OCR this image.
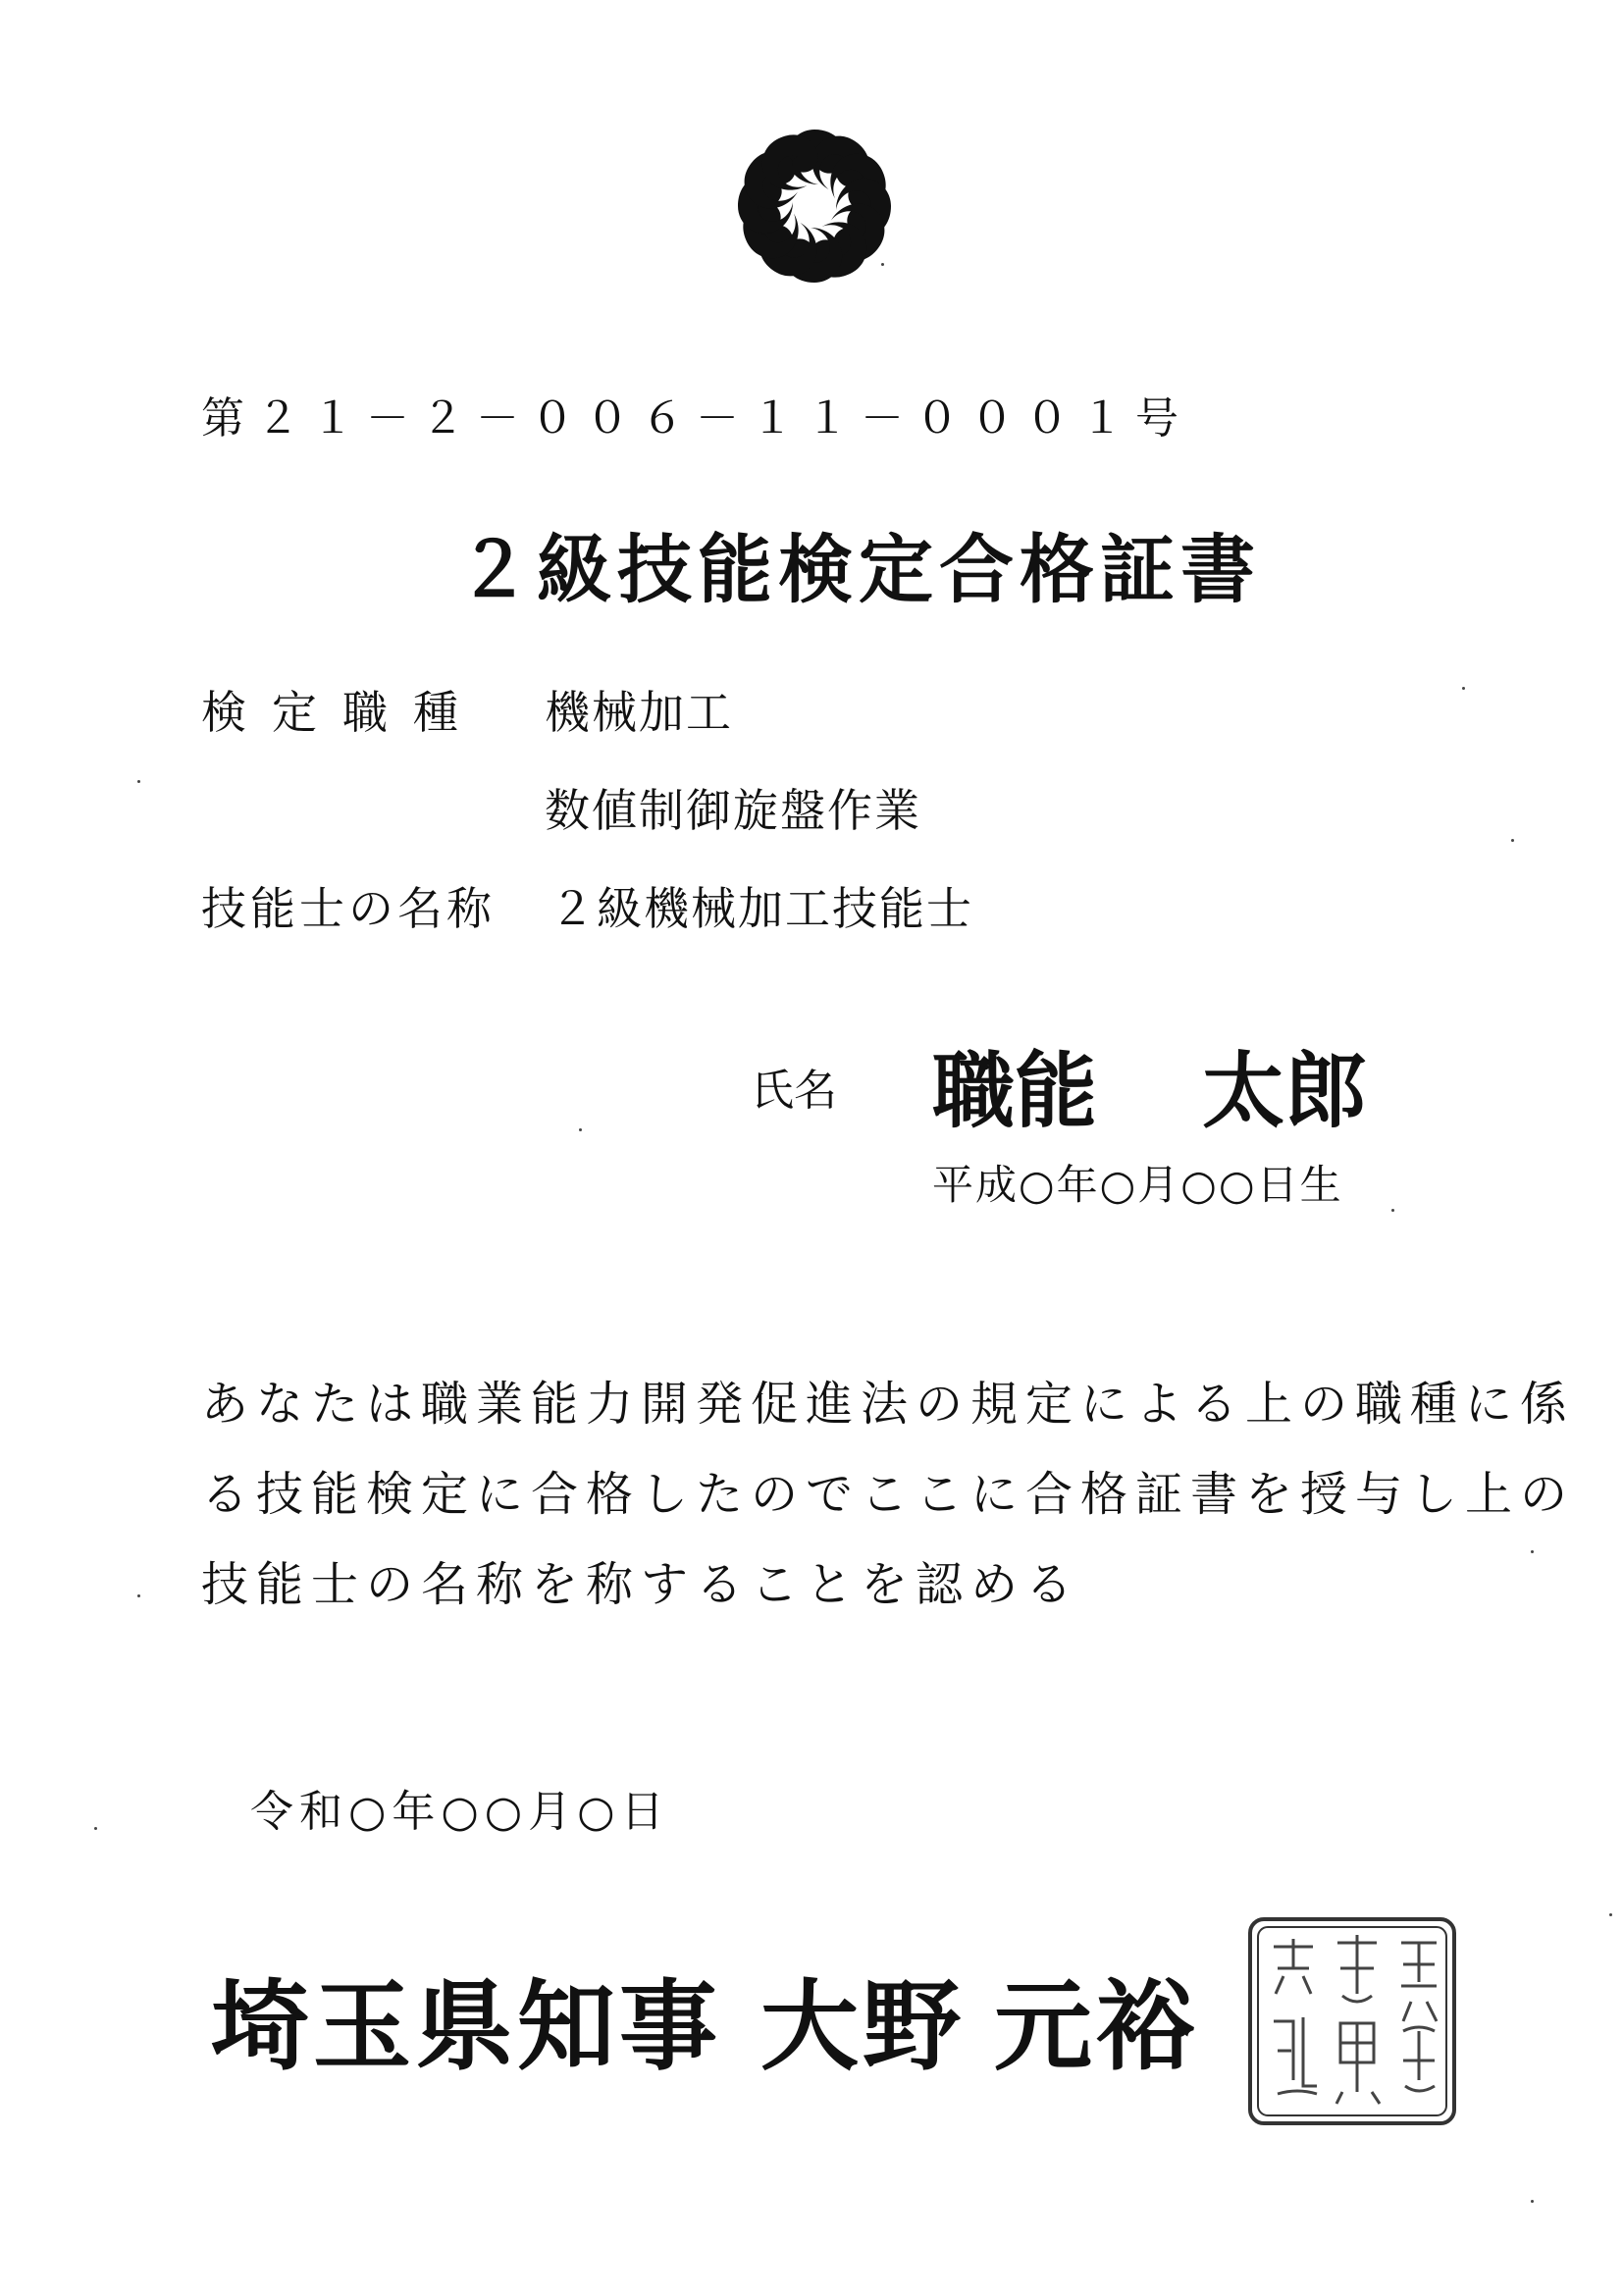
第２１－２－００６－１１－０００１号
２級技能検定合格証書
検定職種 機械加工
数値制御旋盤作業
技能士の名称 ２級機械加工技能士
氏名 職能 太郎
平成○年○月○○日生
あなたは職業能力開発促進法の規定による上の職種に係
る技能検定に合格したのでここに合格証書を授与し上の
技能士の名称を称することを認める
令和○年○○月○日
埼玉県知事 大野 元裕
